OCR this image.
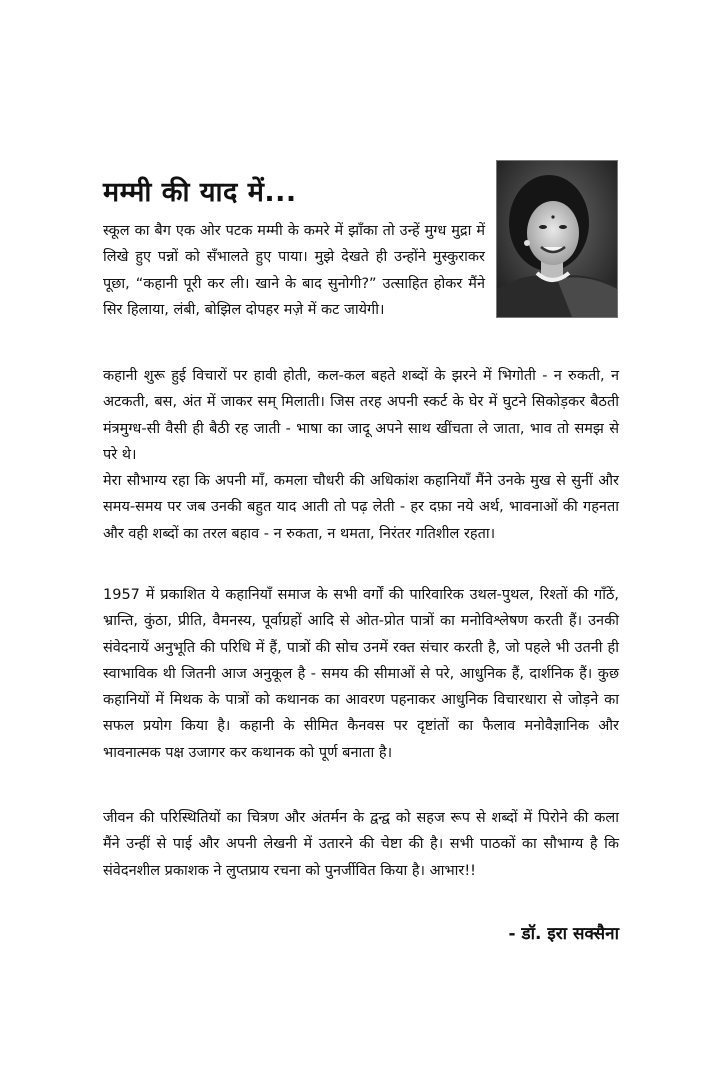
मम्मी की याद में...
स्कूल का बैग एक ओर पटक मम्मी के कमरे में झाँका तो उन्हें मुग्ध मुद्रा में लिखे हुए पन्नों को सँभालते हुए पाया। मुझे देखते ही उन्होंने मुस्कुराकर पूछा, “कहानी पूरी कर ली। खाने के बाद सुनोगी?” उत्साहित होकर मैंने सिर हिलाया, लंबी, बोझिल दोपहर मज़े में कट जायेगी।
कहानी शुरू हुई विचारों पर हावी होती, कल-कल बहते शब्दों के झरने में भिगोती - न रुकती, न अटकती, बस, अंत में जाकर सम् मिलाती। जिस तरह अपनी स्कर्ट के घेर में घुटने सिकोड़कर बैठती मंत्रमुग्ध-सी वैसी ही बैठी रह जाती - भाषा का जादू अपने साथ खींचता ले जाता, भाव तो समझ से परे थे।
मेरा सौभाग्य रहा कि अपनी माँ, कमला चौधरी की अधिकांश कहानियाँ मैंने उनके मुख से सुनीं और समय-समय पर जब उनकी बहुत याद आती तो पढ़ लेती - हर दफ़ा नये अर्थ, भावनाओं की गहनता और वही शब्दों का तरल बहाव - न रुकता, न थमता, निरंतर गतिशील रहता।
1957 में प्रकाशित ये कहानियाँ समाज के सभी वर्गों की पारिवारिक उथल-पुथल, रिश्तों की गाँठें, भ्रान्ति, कुंठा, प्रीति, वैमनस्य, पूर्वाग्रहों आदि से ओत-प्रोत पात्रों का मनोविश्लेषण करती हैं। उनकी संवेदनायें अनुभूति की परिधि में हैं, पात्रों की सोच उनमें रक्त संचार करती है, जो पहले भी उतनी ही स्वाभाविक थी जितनी आज अनुकूल है - समय की सीमाओं से परे, आधुनिक हैं, दार्शनिक हैं। कुछ कहानियों में मिथक के पात्रों को कथानक का आवरण पहनाकर आधुनिक विचारधारा से जोड़ने का सफल प्रयोग किया है। कहानी के सीमित कैनवस पर दृष्टांतों का फैलाव मनोवैज्ञानिक और भावनात्मक पक्ष उजागर कर कथानक को पूर्ण बनाता है।
जीवन की परिस्थितियों का चित्रण और अंतर्मन के द्वन्द्व को सहज रूप से शब्दों में पिरोने की कला मैंने उन्हीं से पाई और अपनी लेखनी में उतारने की चेष्टा की है। सभी पाठकों का सौभाग्य है कि संवेदनशील प्रकाशक ने लुप्तप्राय रचना को पुनर्जीवित किया है। आभार!!
- डॉ. इरा सक्सैना
